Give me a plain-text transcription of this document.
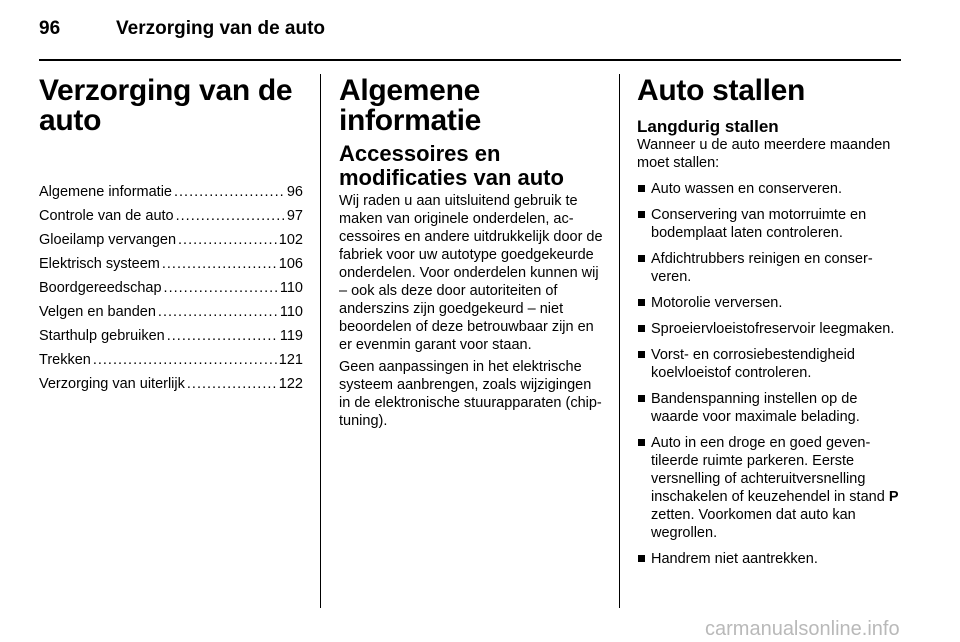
96	Verzorging van de auto
Verzorging van de auto
Algemene informatie .....	96
Controle van de auto .....	97
Gloeilamp vervangen .....	102
Elektrisch systeem .....	106
Boordgereedschap .....	110
Velgen en banden .....	110
Starthulp gebruiken .....	119
Trekken .....	121
Verzorging van uiterlijk .....	122
Algemene informatie
Accessoires en modificaties van auto

Wij raden u aan uitsluitend gebruik te maken van originele onderdelen, accessoires en andere uitdrukkelijk door de fabriek voor uw autotype goedgekeurde onderdelen. Voor onderdelen kunnen wij – ook als deze door autoriteiten of anderszins zijn goedgekeurd – niet beoordelen of deze betrouwbaar zijn en er evenmin garant voor staan.

Geen aanpassingen in het elektrische systeem aanbrengen, zoals wijzigingen in de elektronische stuurapparaten (chip-tuning).

Auto stallen
Langdurig stallen

Wanneer u de auto meerdere maanden moet stallen:

Auto wassen en conserveren.
Conservering van motorruimte en bodemplaat laten controleren.
Afdichtrubbers reinigen en conserveren.
Motorolie verversen.
Sproeiervloeistofreservoir leegmaken.
Vorst- en corrosiebestendigheid koelvloeistof controleren.
Bandenspanning instellen op de waarde voor maximale belading.
Auto in een droge en goed geventileerde ruimte parkeren. Eerste versnelling of achteruitversnelling inschakelen of keuzehendel in stand P zetten. Voorkomen dat auto kan wegrollen.
Handrem niet aantrekken.
carmanualsonline.info
